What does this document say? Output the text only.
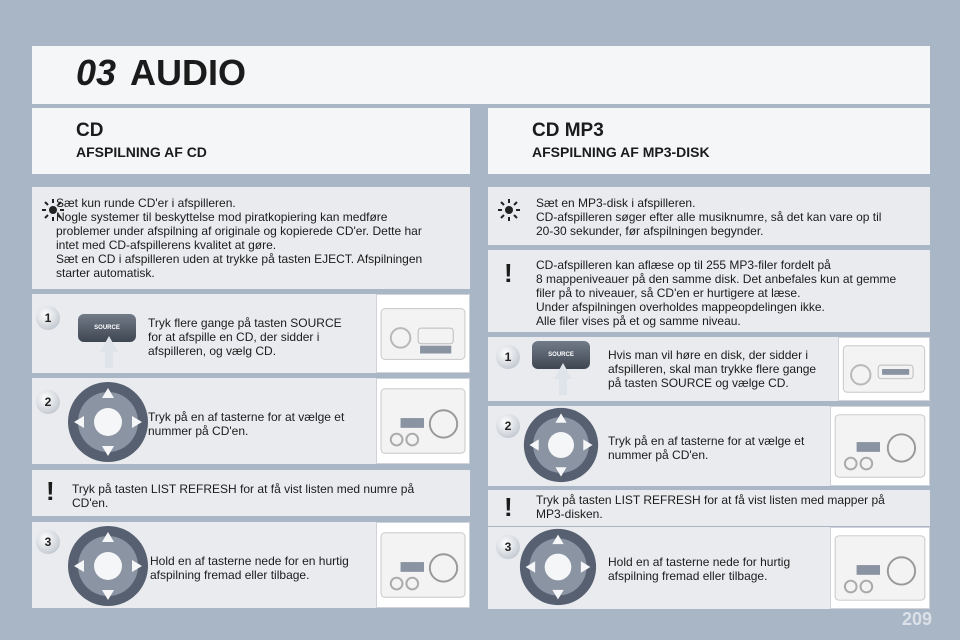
03 AUDIO
CD
AFSPILNING AF CD

Sæt kun runde CD'er i afspilleren.

Nogle systemer til beskyttelse mod piratkopiering kan medføre

problemer under afspilning af originale og kopierede CD'er. Dette har

intet med CD-afspillerens kvalitet at gøre.

Sæt en CD i afspilleren uden at trykke på tasten EJECT. Afspilningen

starter automatisk.

1
SOURCE	Tryk flere gange på tasten SOURCE

for at afspille en CD, der sidder i

afspilleren, og vælg CD.

2

Tryk på en af tasterne for at vælge et

nummer på CD'en.

!	Tryk på tasten LIST REFRESH for at få vist listen med numre på

CD'en.

3

Hold en af tasterne nede for en hurtig

afspilning fremad eller tilbage.

CD MP3
AFSPILNING AF MP3-DISK

Sæt en MP3-disk i afspilleren.

CD-afspilleren søger efter alle musiknumre, så det kan vare op til

20-30 sekunder, før afspilningen begynder.

!	CD-afspilleren kan aflæse op til 255 MP3-filer fordelt på

8 mappeniveauer på den samme disk. Det anbefales kun at gemme

filer på to niveauer, så CD'en er hurtigere at læse.

Under afspilningen overholdes mappeopdelingen ikke.

Alle filer vises på et og samme niveau.

1	SOURCE	Hvis man vil høre en disk, der sidder i

afspilleren, skal man trykke flere gange

på tasten SOURCE og vælge CD.

2

Tryk på en af tasterne for at vælge et

nummer på CD'en.

!	Tryk på tasten LIST REFRESH for at få vist listen med mapper på

MP3-disken.

3

Hold en af tasterne nede for hurtig

afspilning fremad eller tilbage.

209
